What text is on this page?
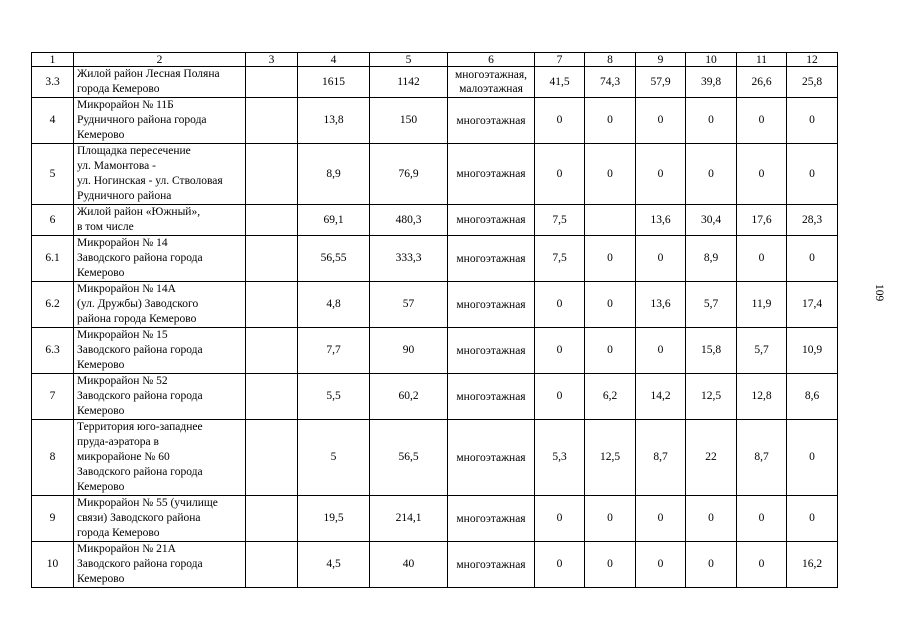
1	2	3	4	5	6	7	8	9	10	11	12
3.3	Жилой район Лесная Поляна
города Кемерово		1615	1142	многоэтажная,
малоэтажная	41,5	74,3	57,9	39,8	26,6	25,8
4	Микрорайон № 11Б
Рудничного района города
Кемерово		13,8	150	многоэтажная	0	0	0	0	0	0
5	Площадка пересечение
ул. Мамонтова -
ул. Ногинская - ул. Стволовая
Рудничного района		8,9	76,9	многоэтажная	0	0	0	0	0	0
6	Жилой район «Южный»,
в том числе		69,1	480,3	многоэтажная	7,5		13,6	30,4	17,6	28,3
6.1	Микрорайон № 14
Заводского района города
Кемерово		56,55	333,3	многоэтажная	7,5	0	0	8,9	0	0
6.2	Микрорайон № 14А
(ул. Дружбы) Заводского
района города Кемерово		4,8	57	многоэтажная	0	0	13,6	5,7	11,9	17,4
6.3	Микрорайон № 15
Заводского района города
Кемерово		7,7	90	многоэтажная	0	0	0	15,8	5,7	10,9
7	Микрорайон № 52
Заводского района города
Кемерово		5,5	60,2	многоэтажная	0	6,2	14,2	12,5	12,8	8,6
8	Территория юго-западнее
пруда-аэратора в
микрорайоне № 60
Заводского района города
Кемерово		5	56,5	многоэтажная	5,3	12,5	8,7	22	8,7	0
9	Микрорайон № 55 (училище
связи) Заводского района
города Кемерово		19,5	214,1	многоэтажная	0	0	0	0	0	0
10	Микрорайон № 21А
Заводского района города
Кемерово		4,5	40	многоэтажная	0	0	0	0	0	16,2
109
